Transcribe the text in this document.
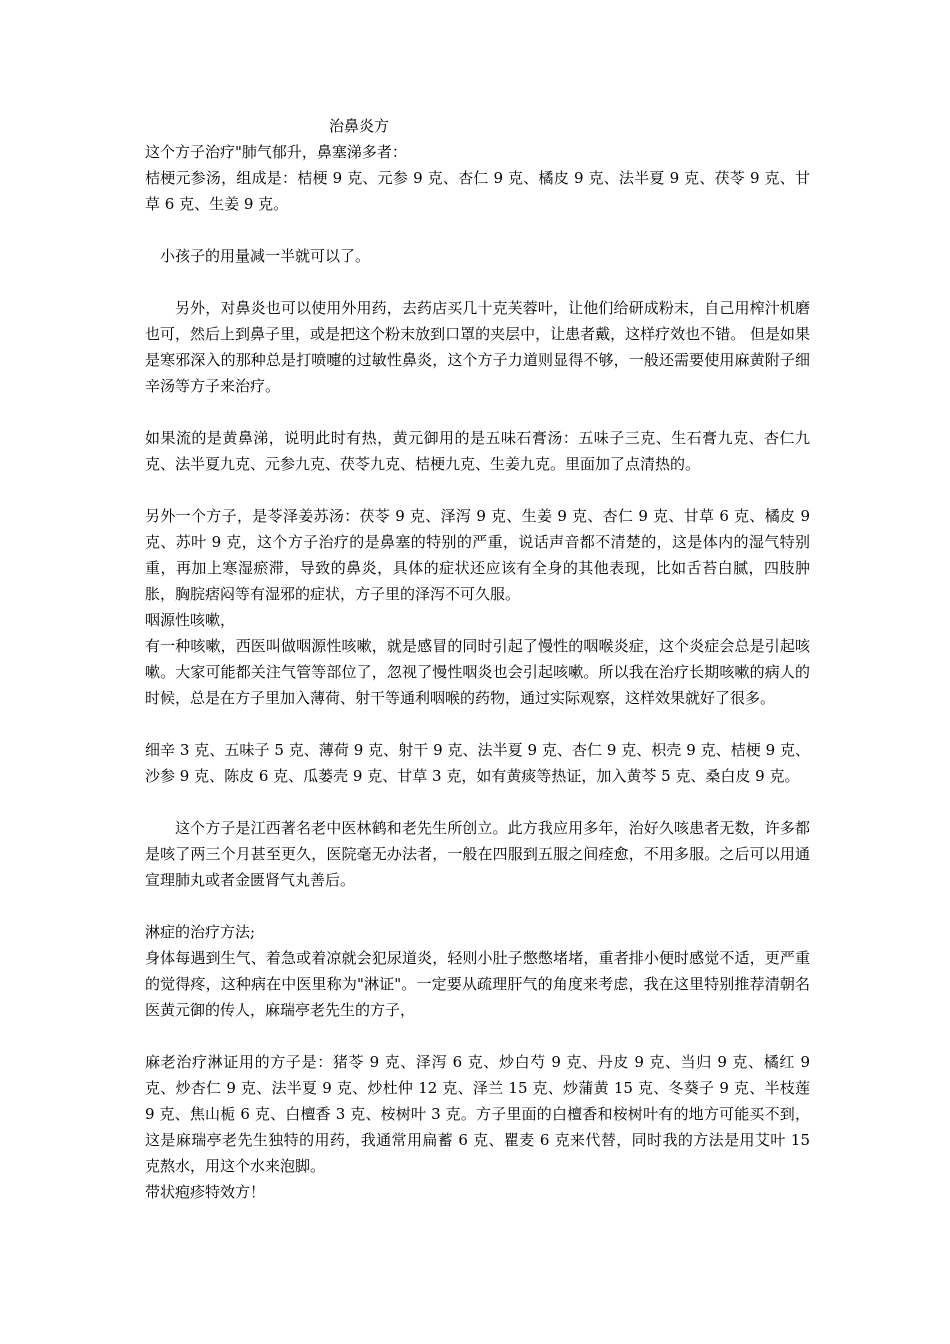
治鼻炎方

这个方子治疗"肺气郁升，鼻塞涕多者：

桔梗元参汤，组成是：桔梗 9 克、元参 9 克、杏仁 9 克、橘皮 9 克、法半夏 9 克、茯苓 9 克、甘草 6 克、生姜 9 克。

小孩子的用量减一半就可以了。

另外，对鼻炎也可以使用外用药，去药店买几十克芙蓉叶，让他们给研成粉末，自己用榨汁机磨也可，然后上到鼻子里，或是把这个粉末放到口罩的夹层中，让患者戴，这样疗效也不错。 但是如果是寒邪深入的那种总是打喷嚏的过敏性鼻炎，这个方子力道则显得不够，一般还需要使用麻黄附子细辛汤等方子来治疗。

如果流的是黄鼻涕，说明此时有热，黄元御用的是五味石膏汤：五味子三克、生石膏九克、杏仁九克、法半夏九克、元参九克、茯苓九克、桔梗九克、生姜九克。里面加了点清热的。

另外一个方子，是苓泽姜苏汤：茯苓 9 克、泽泻 9 克、生姜 9 克、杏仁 9 克、甘草 6 克、橘皮 9 克、苏叶 9 克，这个方子治疗的是鼻塞的特别的严重，说话声音都不清楚的，这是体内的湿气特别重，再加上寒湿瘀滞，导致的鼻炎，具体的症状还应该有全身的其他表现，比如舌苔白腻，四肢肿胀，胸脘痞闷等有湿邪的症状，方子里的泽泻不可久服。

咽源性咳嗽，

有一种咳嗽，西医叫做咽源性咳嗽，就是感冒的同时引起了慢性的咽喉炎症，这个炎症会总是引起咳嗽。大家可能都关注气管等部位了，忽视了慢性咽炎也会引起咳嗽。所以我在治疗长期咳嗽的病人的时候，总是在方子里加入薄荷、射干等通利咽喉的药物，通过实际观察，这样效果就好了很多。

细辛 3 克、五味子 5 克、薄荷 9 克、射干 9 克、法半夏 9 克、杏仁 9 克、枳壳 9 克、桔梗 9 克、沙参 9 克、陈皮 6 克、瓜蒌壳 9 克、甘草 3 克，如有黄痰等热证，加入黄芩 5 克、桑白皮 9 克。

这个方子是江西著名老中医林鹤和老先生所创立。此方我应用多年，治好久咳患者无数，许多都是咳了两三个月甚至更久，医院毫无办法者，一般在四服到五服之间痊愈，不用多服。之后可以用通宣理肺丸或者金匮肾气丸善后。

淋症的治疗方法;

身体每遇到生气、着急或着凉就会犯尿道炎，轻则小肚子憋憋堵堵，重者排小便时感觉不适，更严重的觉得疼，这种病在中医里称为"淋证"。一定要从疏理肝气的角度来考虑，我在这里特别推荐清朝名医黄元御的传人，麻瑞亭老先生的方子，

麻老治疗淋证用的方子是：猪苓 9 克、泽泻 6 克、炒白芍 9 克、丹皮 9 克、当归 9 克、橘红 9 克、炒杏仁 9 克、法半夏 9 克、炒杜仲 12 克、泽兰 15 克、炒蒲黄 15 克、冬葵子 9 克、半枝莲 9 克、焦山栀 6 克、白檀香 3 克、桉树叶 3 克。方子里面的白檀香和桉树叶有的地方可能买不到，这是麻瑞亭老先生独特的用药，我通常用扁蓄 6 克、瞿麦 6 克来代替，同时我的方法是用艾叶 15 克熬水，用这个水来泡脚。

带状疱疹特效方！
